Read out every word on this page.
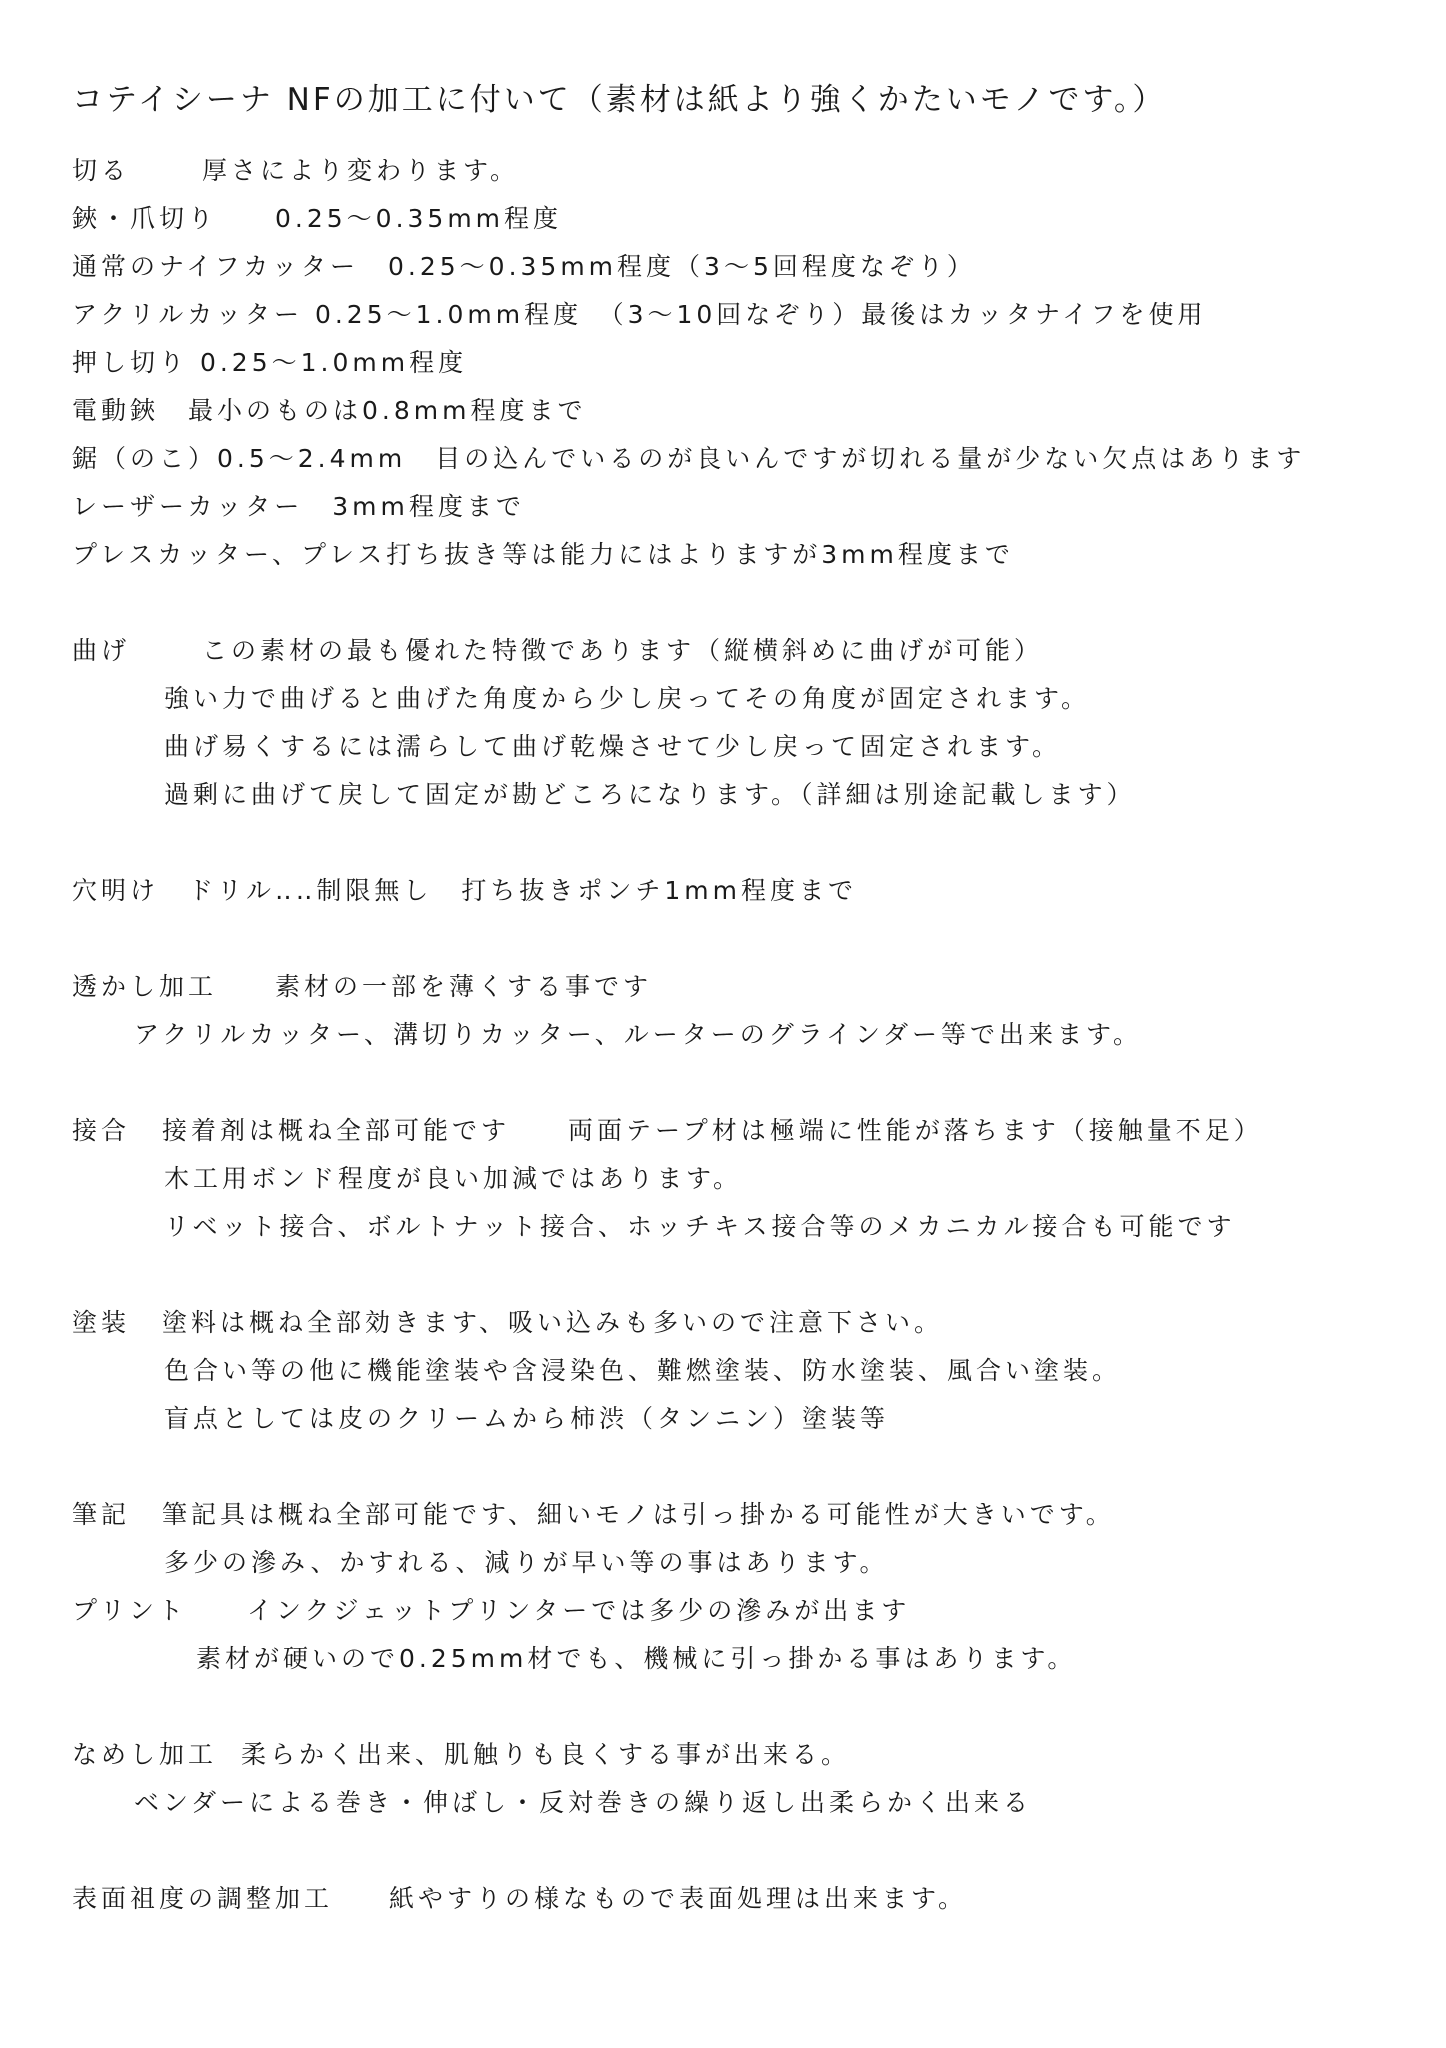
コテイシーナ NFの加工に付いて（素材は紙より強くかたいモノです。）
切る	厚さにより変わります。
鋏・爪切り　　0.25～0.35mm程度
通常のナイフカッター　0.25～0.35mm程度（3～5回程度なぞり）
アクリルカッター 0.25～1.0mm程度　（3～10回なぞり）最後はカッタナイフを使用
押し切り 0.25～1.0mm程度
電動鋏　最小のものは0.8mm程度まで
鋸（のこ）0.5～2.4mm　目の込んでいるのが良いんですが切れる量が少ない欠点はあります
レーザーカッター　3mm程度まで
プレスカッター、プレス打ち抜き等は能力にはよりますが3mm程度まで
曲げ	この素材の最も優れた特徴であります（縦横斜めに曲げが可能）
強い力で曲げると曲げた角度から少し戻ってその角度が固定されます。
曲げ易くするには濡らして曲げ乾燥させて少し戻って固定されます。
過剰に曲げて戻して固定が勘どころになります。（詳細は別途記載します）
穴明け　ドリル‥‥制限無し　打ち抜きポンチ1mm程度まで
透かし加工 素材の一部を薄くする事です
アクリルカッター、溝切りカッター、ルーターのグラインダー等で出来ます。
接合 接着剤は概ね全部可能です　　両面テープ材は極端に性能が落ちます（接触量不足）
木工用ボンド程度が良い加減ではあります。
リベット接合、ボルトナット接合、ホッチキス接合等のメカニカル接合も可能です
塗装 塗料は概ね全部効きます、吸い込みも多いので注意下さい。
色合い等の他に機能塗装や含浸染色、難燃塗装、防水塗装、風合い塗装。
盲点としては皮のクリームから柿渋（タンニン）塗装等
筆記 筆記具は概ね全部可能です、細いモノは引っ掛かる可能性が大きいです。
多少の滲み、かすれる、減りが早い等の事はあります。
プリント インクジェットプリンターでは多少の滲みが出ます
素材が硬いので0.25mm材でも、機械に引っ掛かる事はあります。
なめし加工 柔らかく出来、肌触りも良くする事が出来る。
ベンダーによる巻き・伸ばし・反対巻きの繰り返し出柔らかく出来る
表面祖度の調整加工 紙やすりの様なもので表面処理は出来ます。
